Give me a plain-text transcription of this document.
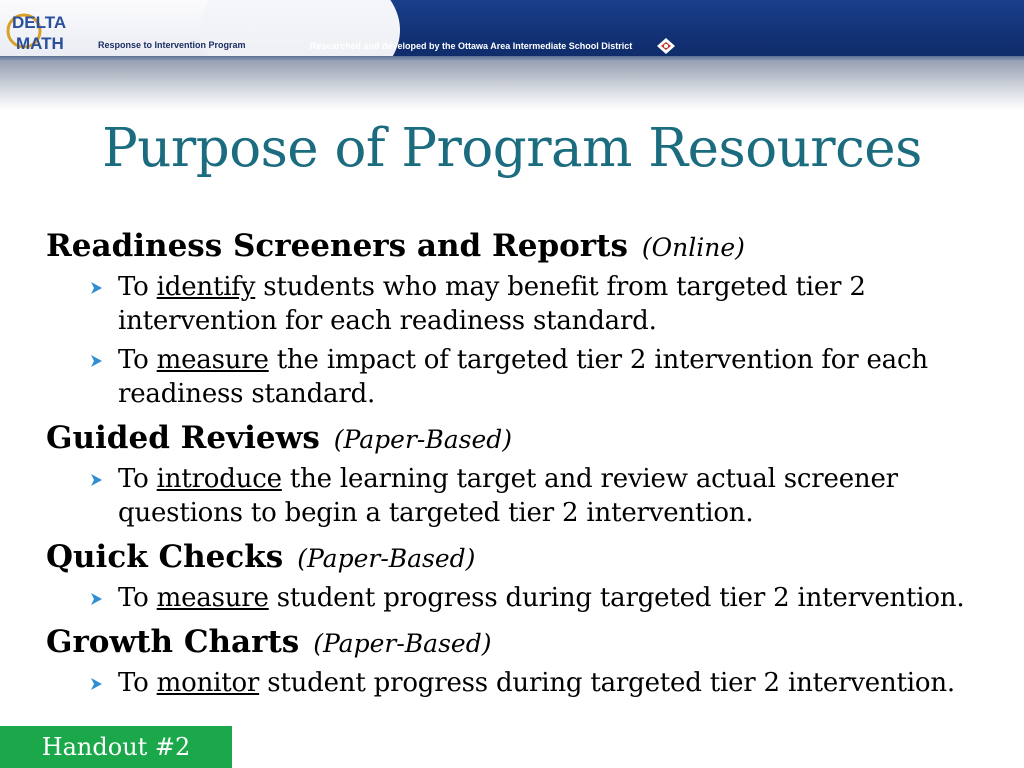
DELTA
MATH	Response to Intervention Program	Researched and developed by the Ottawa Area Intermediate School District
Purpose of Program Resources
Readiness Screeners and Reports (Online)
To identify students who may benefit from targeted tier 2 intervention for each readiness standard.
To measure the impact of targeted tier 2 intervention for each readiness standard.
Guided Reviews (Paper-Based)
To introduce the learning target and review actual screener questions to begin a targeted tier 2 intervention.
Quick Checks (Paper-Based)
To measure student progress during targeted tier 2 intervention.
Growth Charts (Paper-Based)
To monitor student progress during targeted tier 2 intervention.
Handout #2
